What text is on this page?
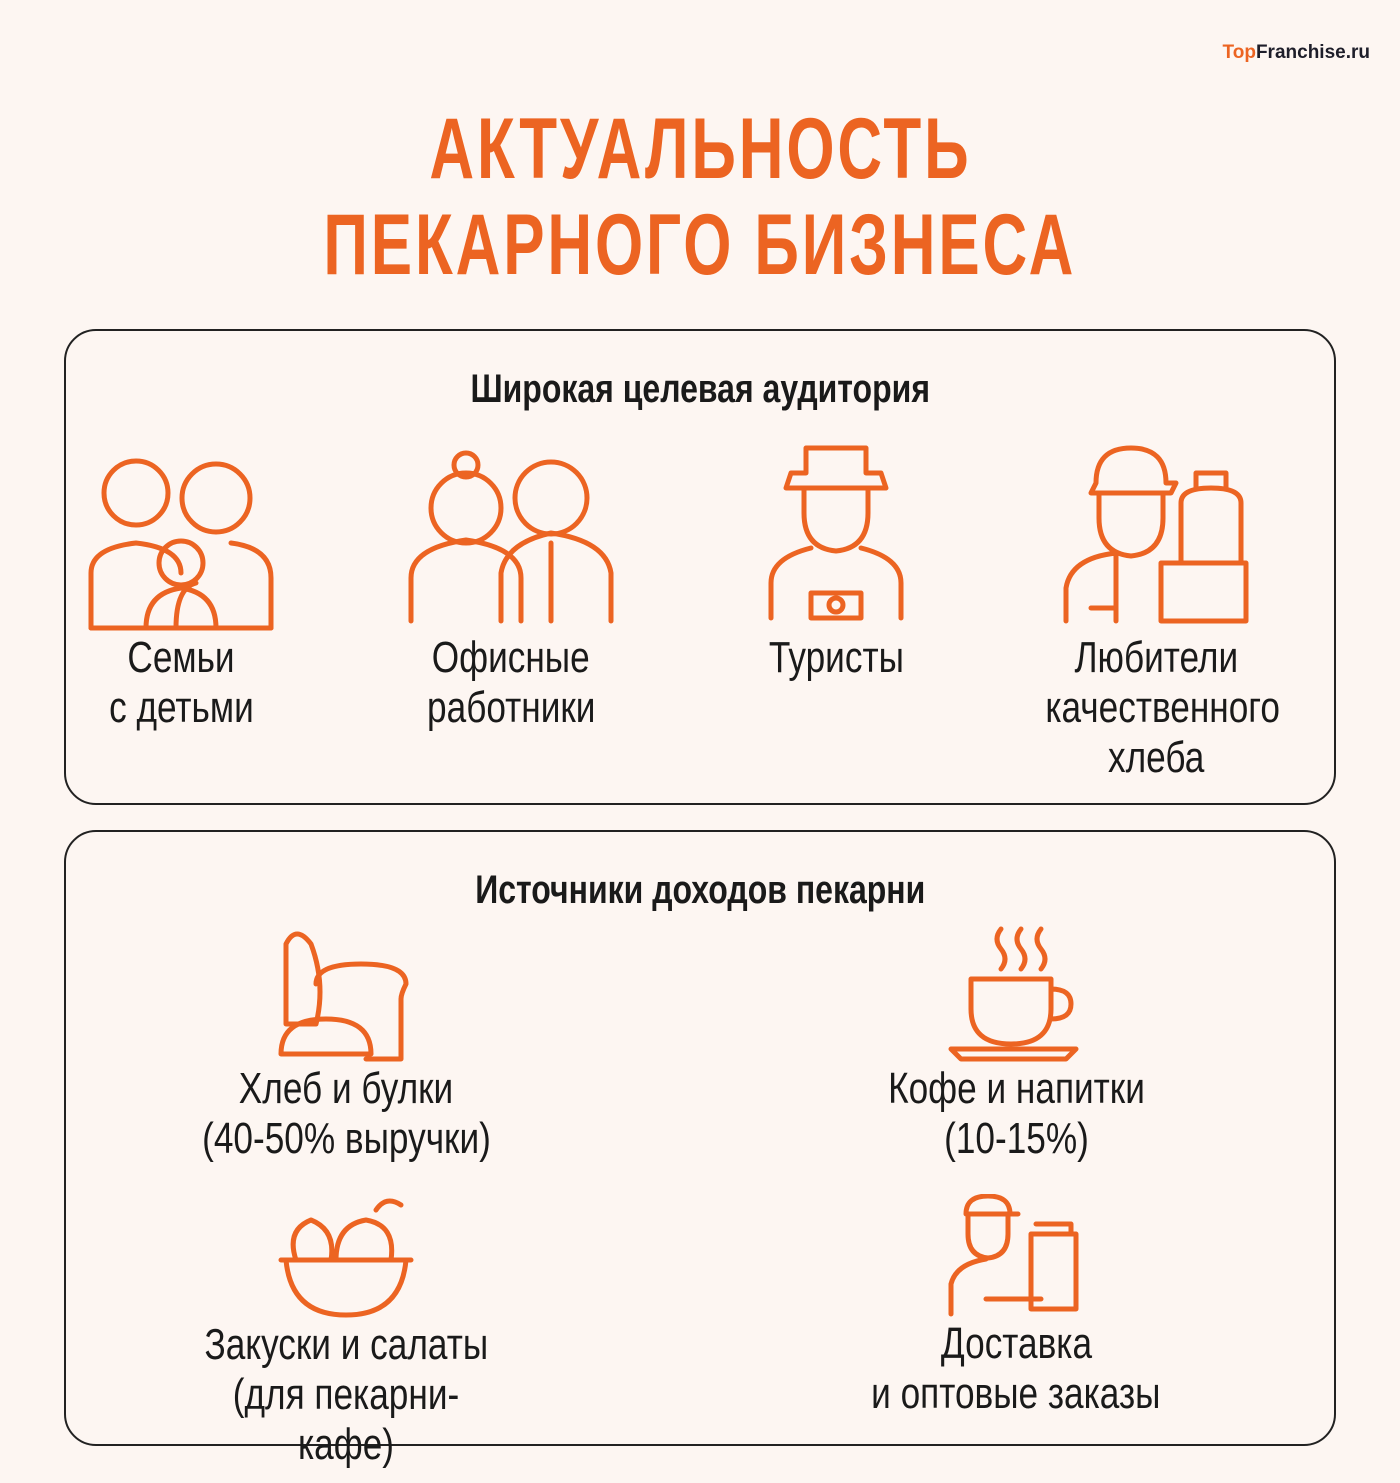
TopFranchise.ru
АКТУАЛЬНОСТЬ
ПЕКАРНОГО БИЗНЕСА
Широкая целевая аудитория
Семьи
с детьми
Офисные
работники
Туристы	Любители
качественного
хлеба
Источники доходов пекарни
Хлеб и булки
(40-50% выручки)
Кофе и напитки
(10-15%)
Закуски и салаты
(для пекарни-кафе)
Доставка
и оптовые заказы
